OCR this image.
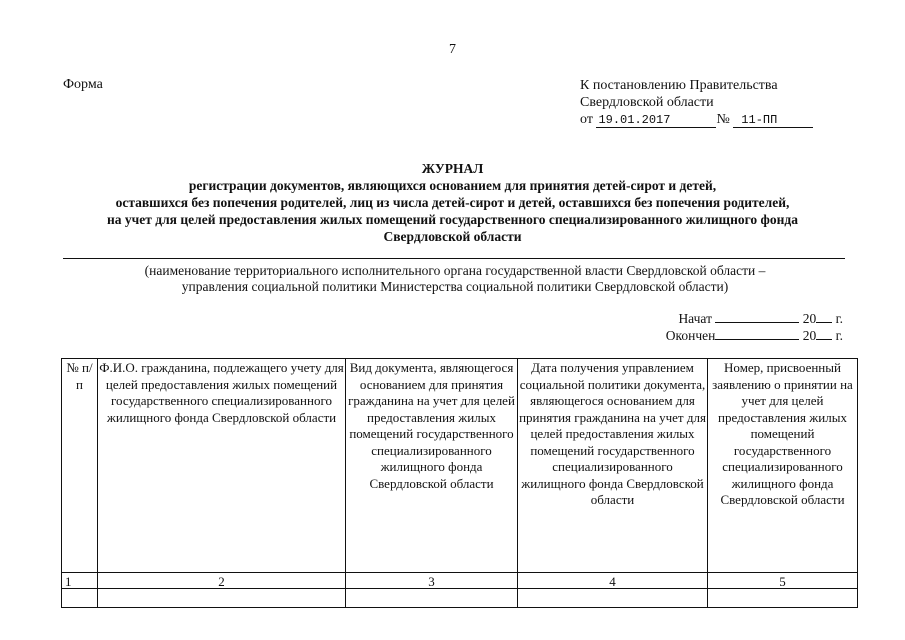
7
Форма	К постановлению Правительства
Свердловской области
от 19.01.2017	№ 11-ПП
ЖУРНАЛ
регистрации документов, являющихся основанием для принятия детей-сирот и детей,
оставшихся без попечения родителей, лиц из числа детей-сирот и детей, оставшихся без попечения родителей,
на учет для целей предоставления жилых помещений государственного специализированного жилищного фонда
Свердловской области
(наименование территориального исполнительного органа государственной власти Свердловской области –
управления социальной политики Министерства социальной политики Свердловской области)
Начат	20 г.
Окончен	20 г.
№ п/п	Ф.И.О. гражданина, подлежащего учету для целей предоставления жилых помещений государственного специализированного жилищного фонда Свердловской области	Вид документа, являющегося основанием для принятия гражданина на учет для целей предоставления жилых помещений государственного специализированного жилищного фонда Свердловской области	Дата получения управлением социальной политики документа, являющегося основанием для принятия гражданина на учет для целей предоставления жилых помещений государственного специализированного жилищного фонда Свердловской области	Номер, присвоенный заявлению о принятии на учет для целей предоставления жилых помещений государственного специализированного жилищного фонда Свердловской области
1	2	3	4	5
